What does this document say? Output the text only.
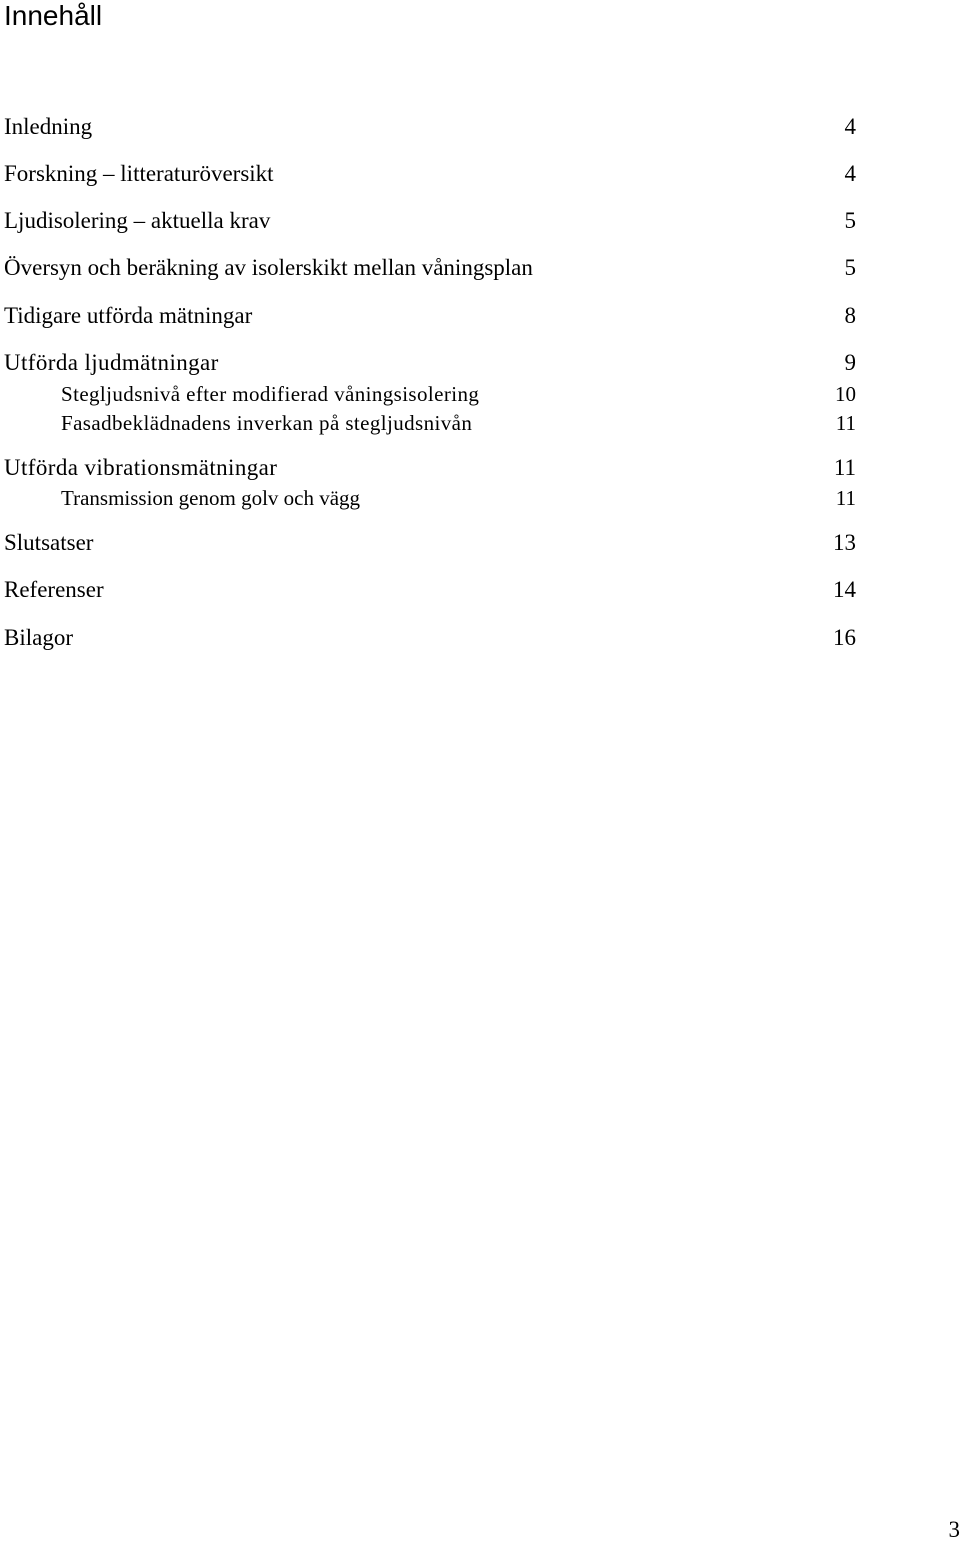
Innehåll
Inledning	4
Forskning – litteraturöversikt	4
Ljudisolering – aktuella krav	5
Översyn och beräkning av isolerskikt mellan våningsplan	5
Tidigare utförda mätningar	8
Utförda ljudmätningar	9
Stegljudsnivå efter modifierad våningsisolering	10
Fasadbeklädnadens inverkan på stegljudsnivån	11
Utförda vibrationsmätningar	11
Transmission genom golv och vägg	11
Slutsatser	13
Referenser	14
Bilagor	16
3
